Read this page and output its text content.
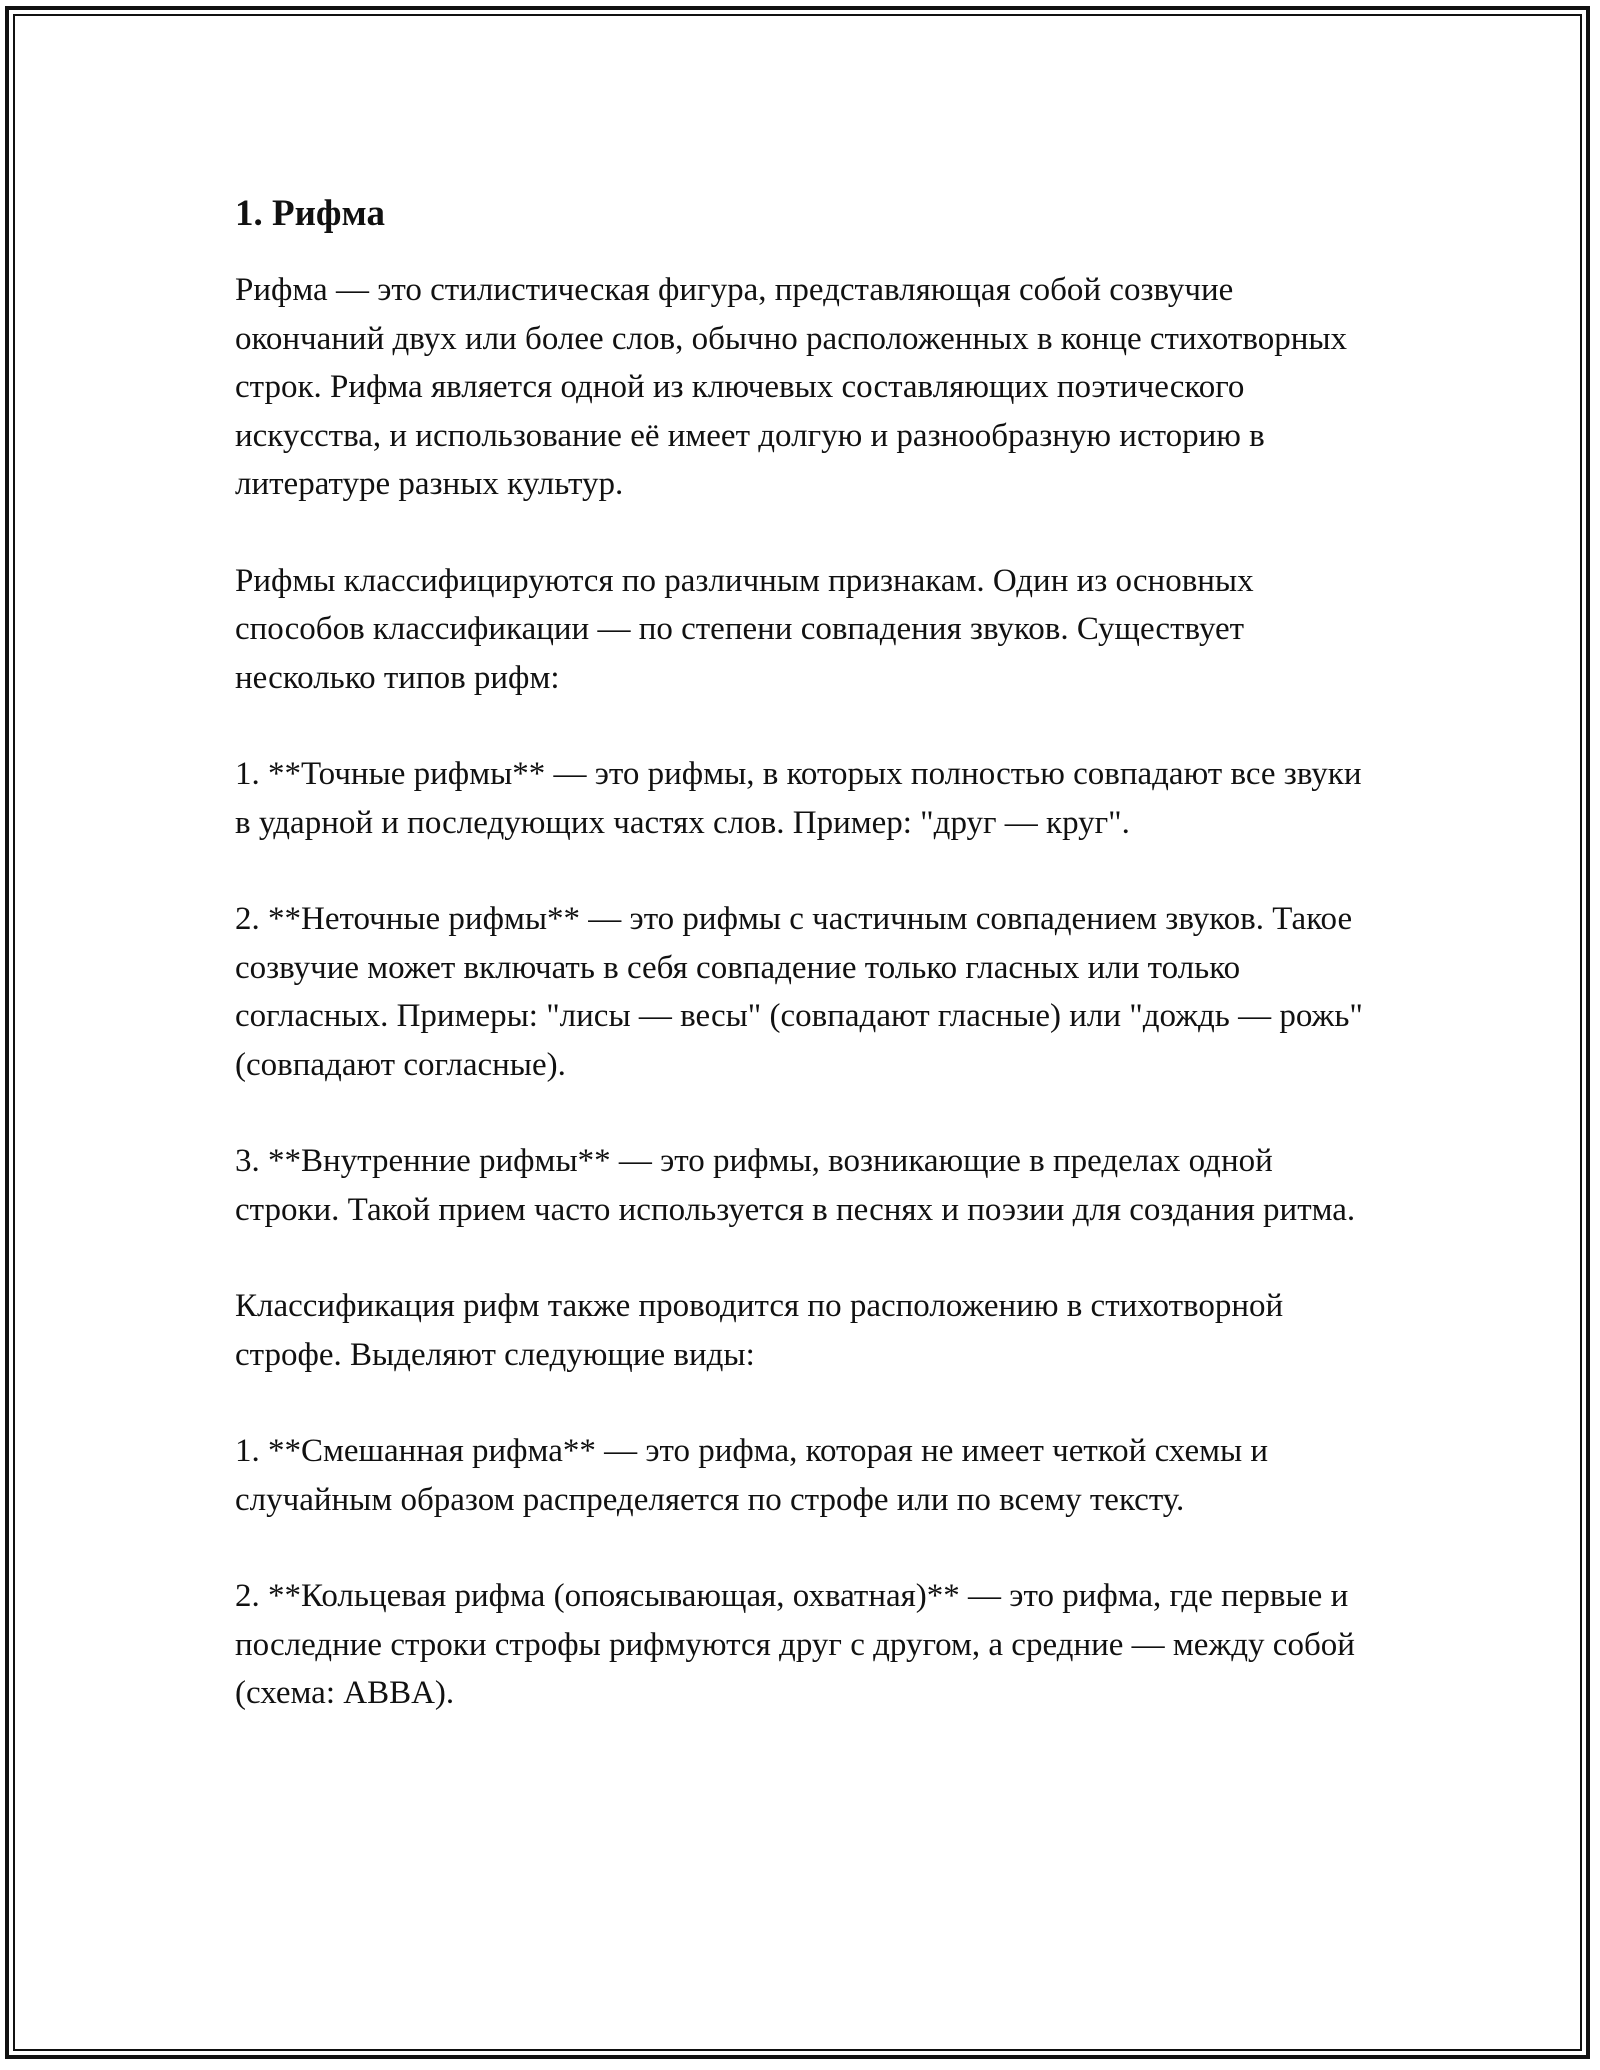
1. Рифма

Рифма — это стилистическая фигура, представляющая собой созвучие окончаний двух или более слов, обычно расположенных в конце стихотворных строк. Рифма является одной из ключевых составляющих поэтического искусства, и использование её имеет долгую и разнообразную историю в литературе разных культур.

Рифмы классифицируются по различным признакам. Один из основных способов классификации — по степени совпадения звуков. Существует несколько типов рифм:

1. **Точные рифмы** — это рифмы, в которых полностью совпадают все звуки в ударной и последующих частях слов. Пример: "друг — круг".

2. **Неточные рифмы** — это рифмы с частичным совпадением звуков. Такое созвучие может включать в себя совпадение только гласных или только согласных. Примеры: "лисы — весы" (совпадают гласные) или "дождь — рожь" (совпадают согласные).

3. **Внутренние рифмы** — это рифмы, возникающие в пределах одной строки. Такой прием часто используется в песнях и поэзии для создания ритма.

Классификация рифм также проводится по расположению в стихотворной строфе. Выделяют следующие виды:

1. **Смешанная рифма** — это рифма, которая не имеет четкой схемы и случайным образом распределяется по строфе или по всему тексту.

2. **Кольцевая рифма (опоясывающая, охватная)** — это рифма, где первые и последние строки строфы рифмуются друг с другом, а средние — между собой (схема: ABBA).
